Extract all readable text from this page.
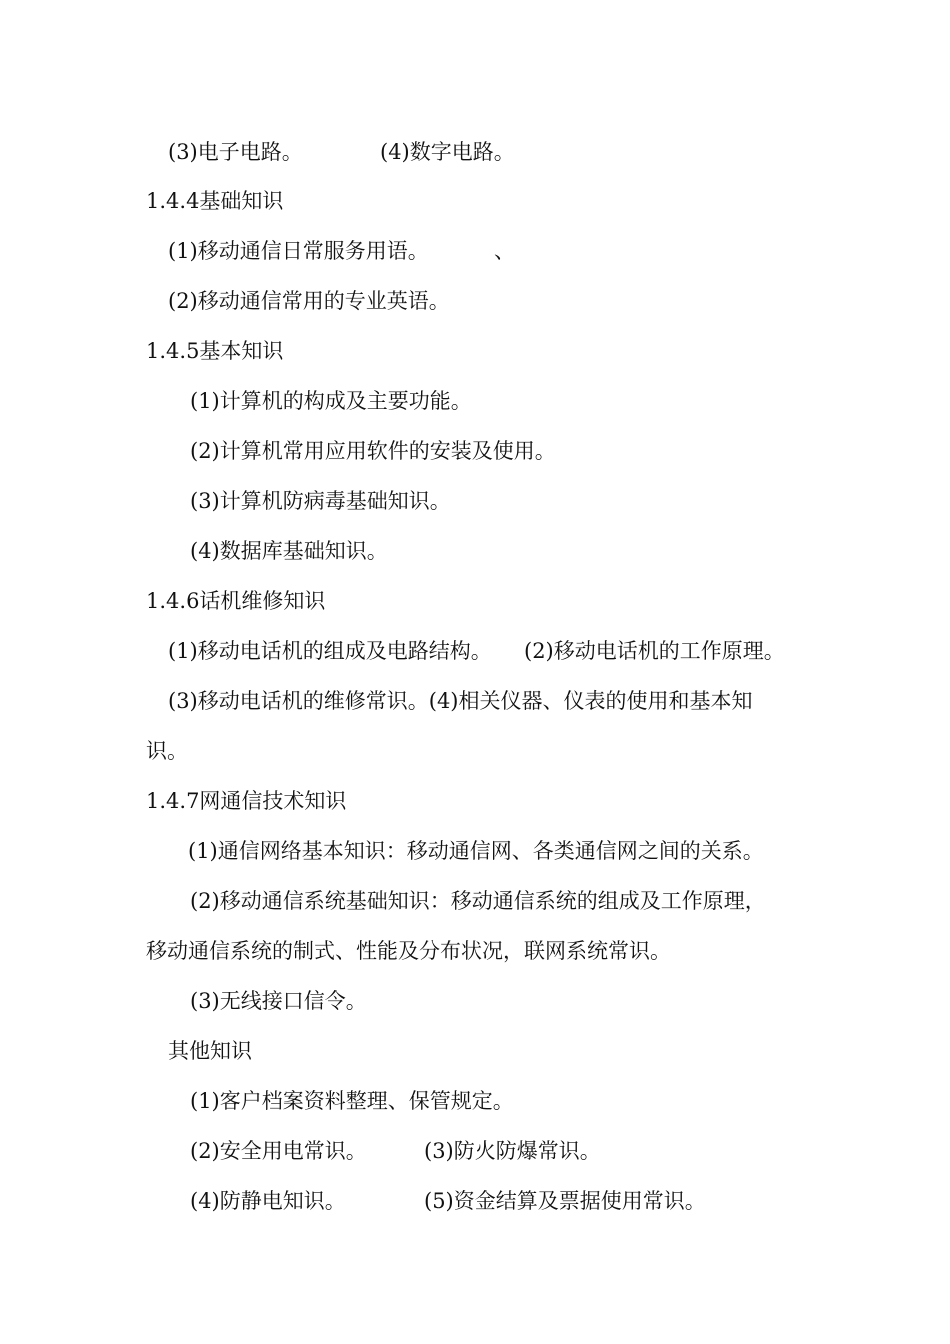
(3)电子电路。	(4)数字电路。
1.4.4基础知识
(1)移动通信日常服务用语。	、
(2)移动通信常用的专业英语。
1.4.5基本知识
(1)计算机的构成及主要功能。
(2)计算机常用应用软件的安装及使用。
(3)计算机防病毒基础知识。
(4)数据库基础知识。
1.4.6话机维修知识
(1)移动电话机的组成及电路结构。 (2)移动电话机的工作原理。
(3)移动电话机的维修常识。(4)相关仪器、仪表的使用和基本知
识。
1.4.7网通信技术知识
(1)通信网络基本知识：移动通信网、各类通信网之间的关系。
(2)移动通信系统基础知识：移动通信系统的组成及工作原理，
移动通信系统的制式、性能及分布状况，联网系统常识。
(3)无线接口信令。
其他知识
(1)客户档案资料整理、保管规定。
(2)安全用电常识。	(3)防火防爆常识。
(4)防静电知识。	(5)资金结算及票据使用常识。
